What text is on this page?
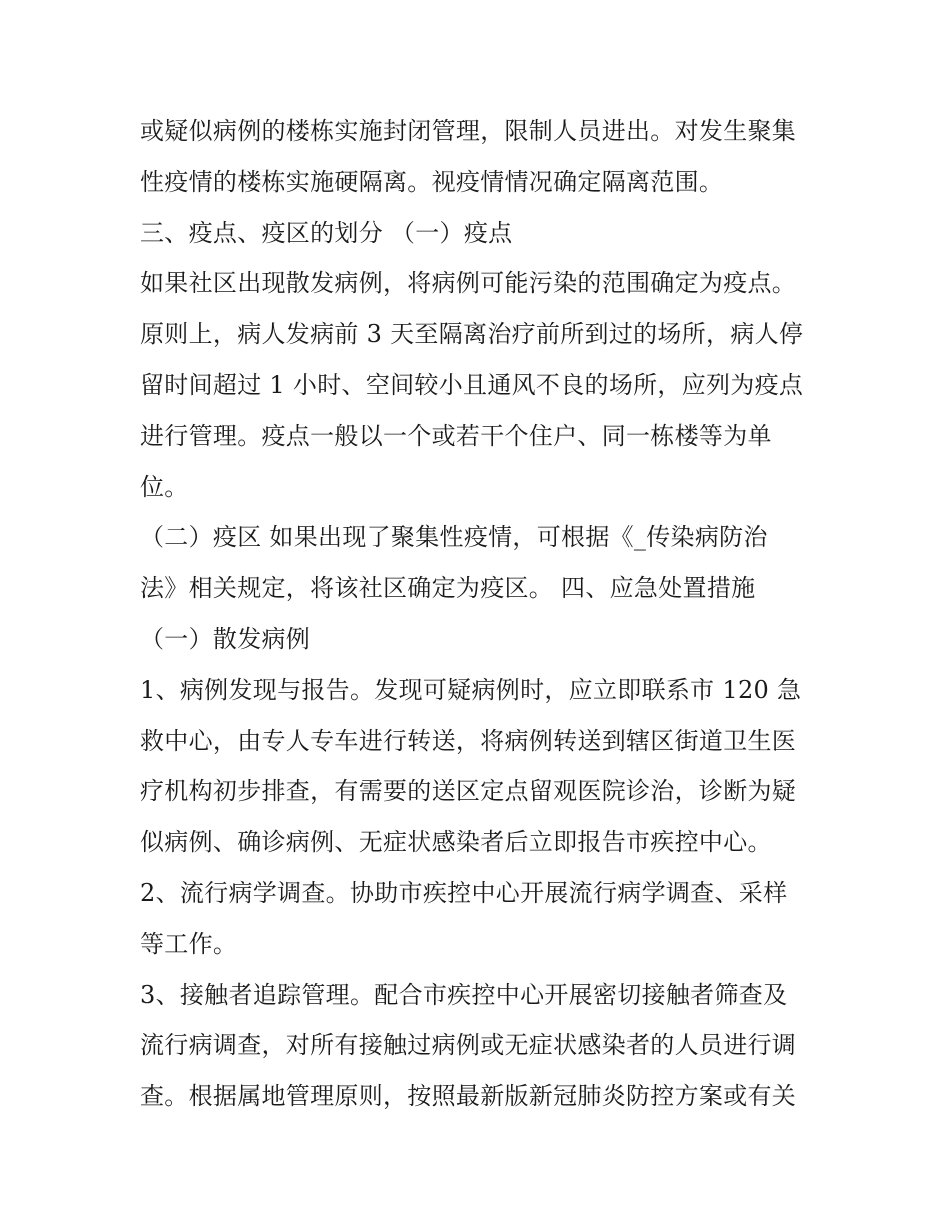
或疑似病例的楼栋实施封闭管理，限制人员进出。对发生聚集
性疫情的楼栋实施硬隔离。视疫情情况确定隔离范围。
三、疫点、疫区的划分 （一）疫点
如果社区出现散发病例，将病例可能污染的范围确定为疫点。
原则上，病人发病前 3 天至隔离治疗前所到过的场所，病人停
留时间超过 1 小时、空间较小且通风不良的场所，应列为疫点
进行管理。疫点一般以一个或若干个住户、同一栋楼等为单
位。
（二）疫区 如果出现了聚集性疫情，可根据《_传染病防治
法》相关规定，将该社区确定为疫区。 四、应急处置措施
（一）散发病例
1、病例发现与报告。发现可疑病例时，应立即联系市 120 急
救中心，由专人专车进行转送，将病例转送到辖区街道卫生医
疗机构初步排查，有需要的送区定点留观医院诊治，诊断为疑
似病例、确诊病例、无症状感染者后立即报告市疾控中心。
2、流行病学调查。协助市疾控中心开展流行病学调查、采样
等工作。
3、接触者追踪管理。配合市疾控中心开展密切接触者筛查及
流行病调查，对所有接触过病例或无症状感染者的人员进行调
查。根据属地管理原则，按照最新版新冠肺炎防控方案或有关
